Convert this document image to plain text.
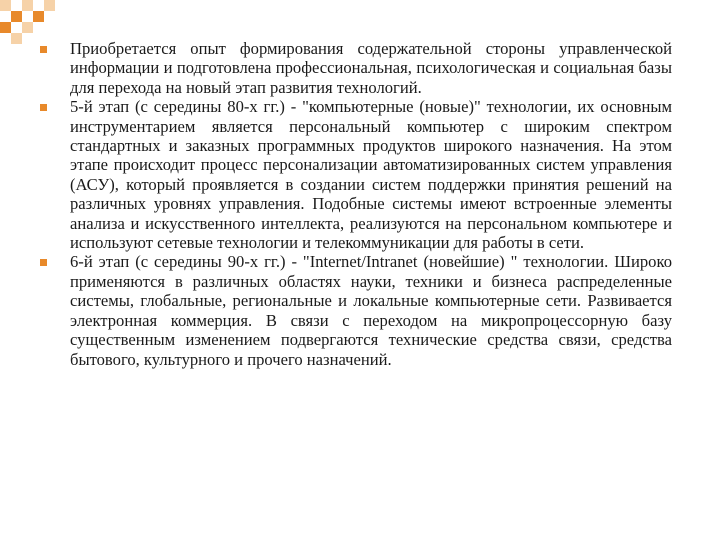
Приобретается опыт формирования содержательной стороны управленческой информации и подготовлена профессиональная, психологическая и социальная базы для перехода на новый этап развития технологий.
5-й этап (с середины 80-х гг.) - "компьютерные (новые)" технологии, их основным инструментарием является персональный компьютер с широким спектром стандартных и заказных программных продуктов широкого назначения. На этом этапе происходит процесс персонализации автоматизированных систем управления (АСУ), который проявляется в создании систем поддержки принятия решений на различных уровнях управления. Подобные системы имеют встроенные элементы анализа и искусственного интеллекта, реализуются на персональном компьютере и используют сетевые технологии и телекоммуникации для работы в сети.
6-й этап (с середины 90-х гг.) - "Internet/Intranet (новейшие) " технологии. Широко применяются в различных областях науки, техники и бизнеса распределенные системы, глобальные, региональные и локальные компьютерные сети. Развивается электронная коммерция. В связи с переходом на микропроцессорную базу существенным изменением подвергаются технические средства связи, средства бытового, культурного и прочего назначений.
